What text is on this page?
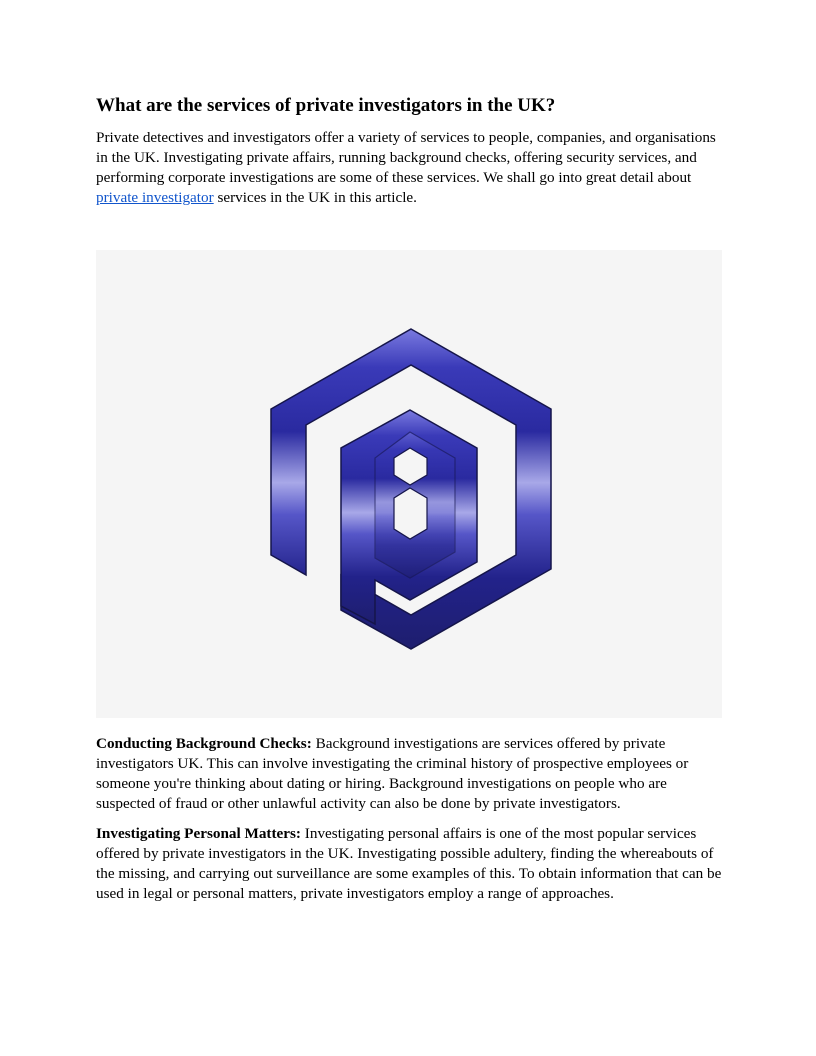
What are the services of private investigators in the UK?

Private detectives and investigators offer a variety of services to people, companies, and organisations in the UK. Investigating private affairs, running background checks, offering security services, and performing corporate investigations are some of these services. We shall go into great detail about private investigator services in the UK in this article.

Conducting Background Checks: Background investigations are services offered by private investigators UK. This can involve investigating the criminal history of prospective employees or someone you're thinking about dating or hiring. Background investigations on people who are suspected of fraud or other unlawful activity can also be done by private investigators.

Investigating Personal Matters: Investigating personal affairs is one of the most popular services offered by private investigators in the UK. Investigating possible adultery, finding the whereabouts of the missing, and carrying out surveillance are some examples of this. To obtain information that can be used in legal or personal matters, private investigators employ a range of approaches.
